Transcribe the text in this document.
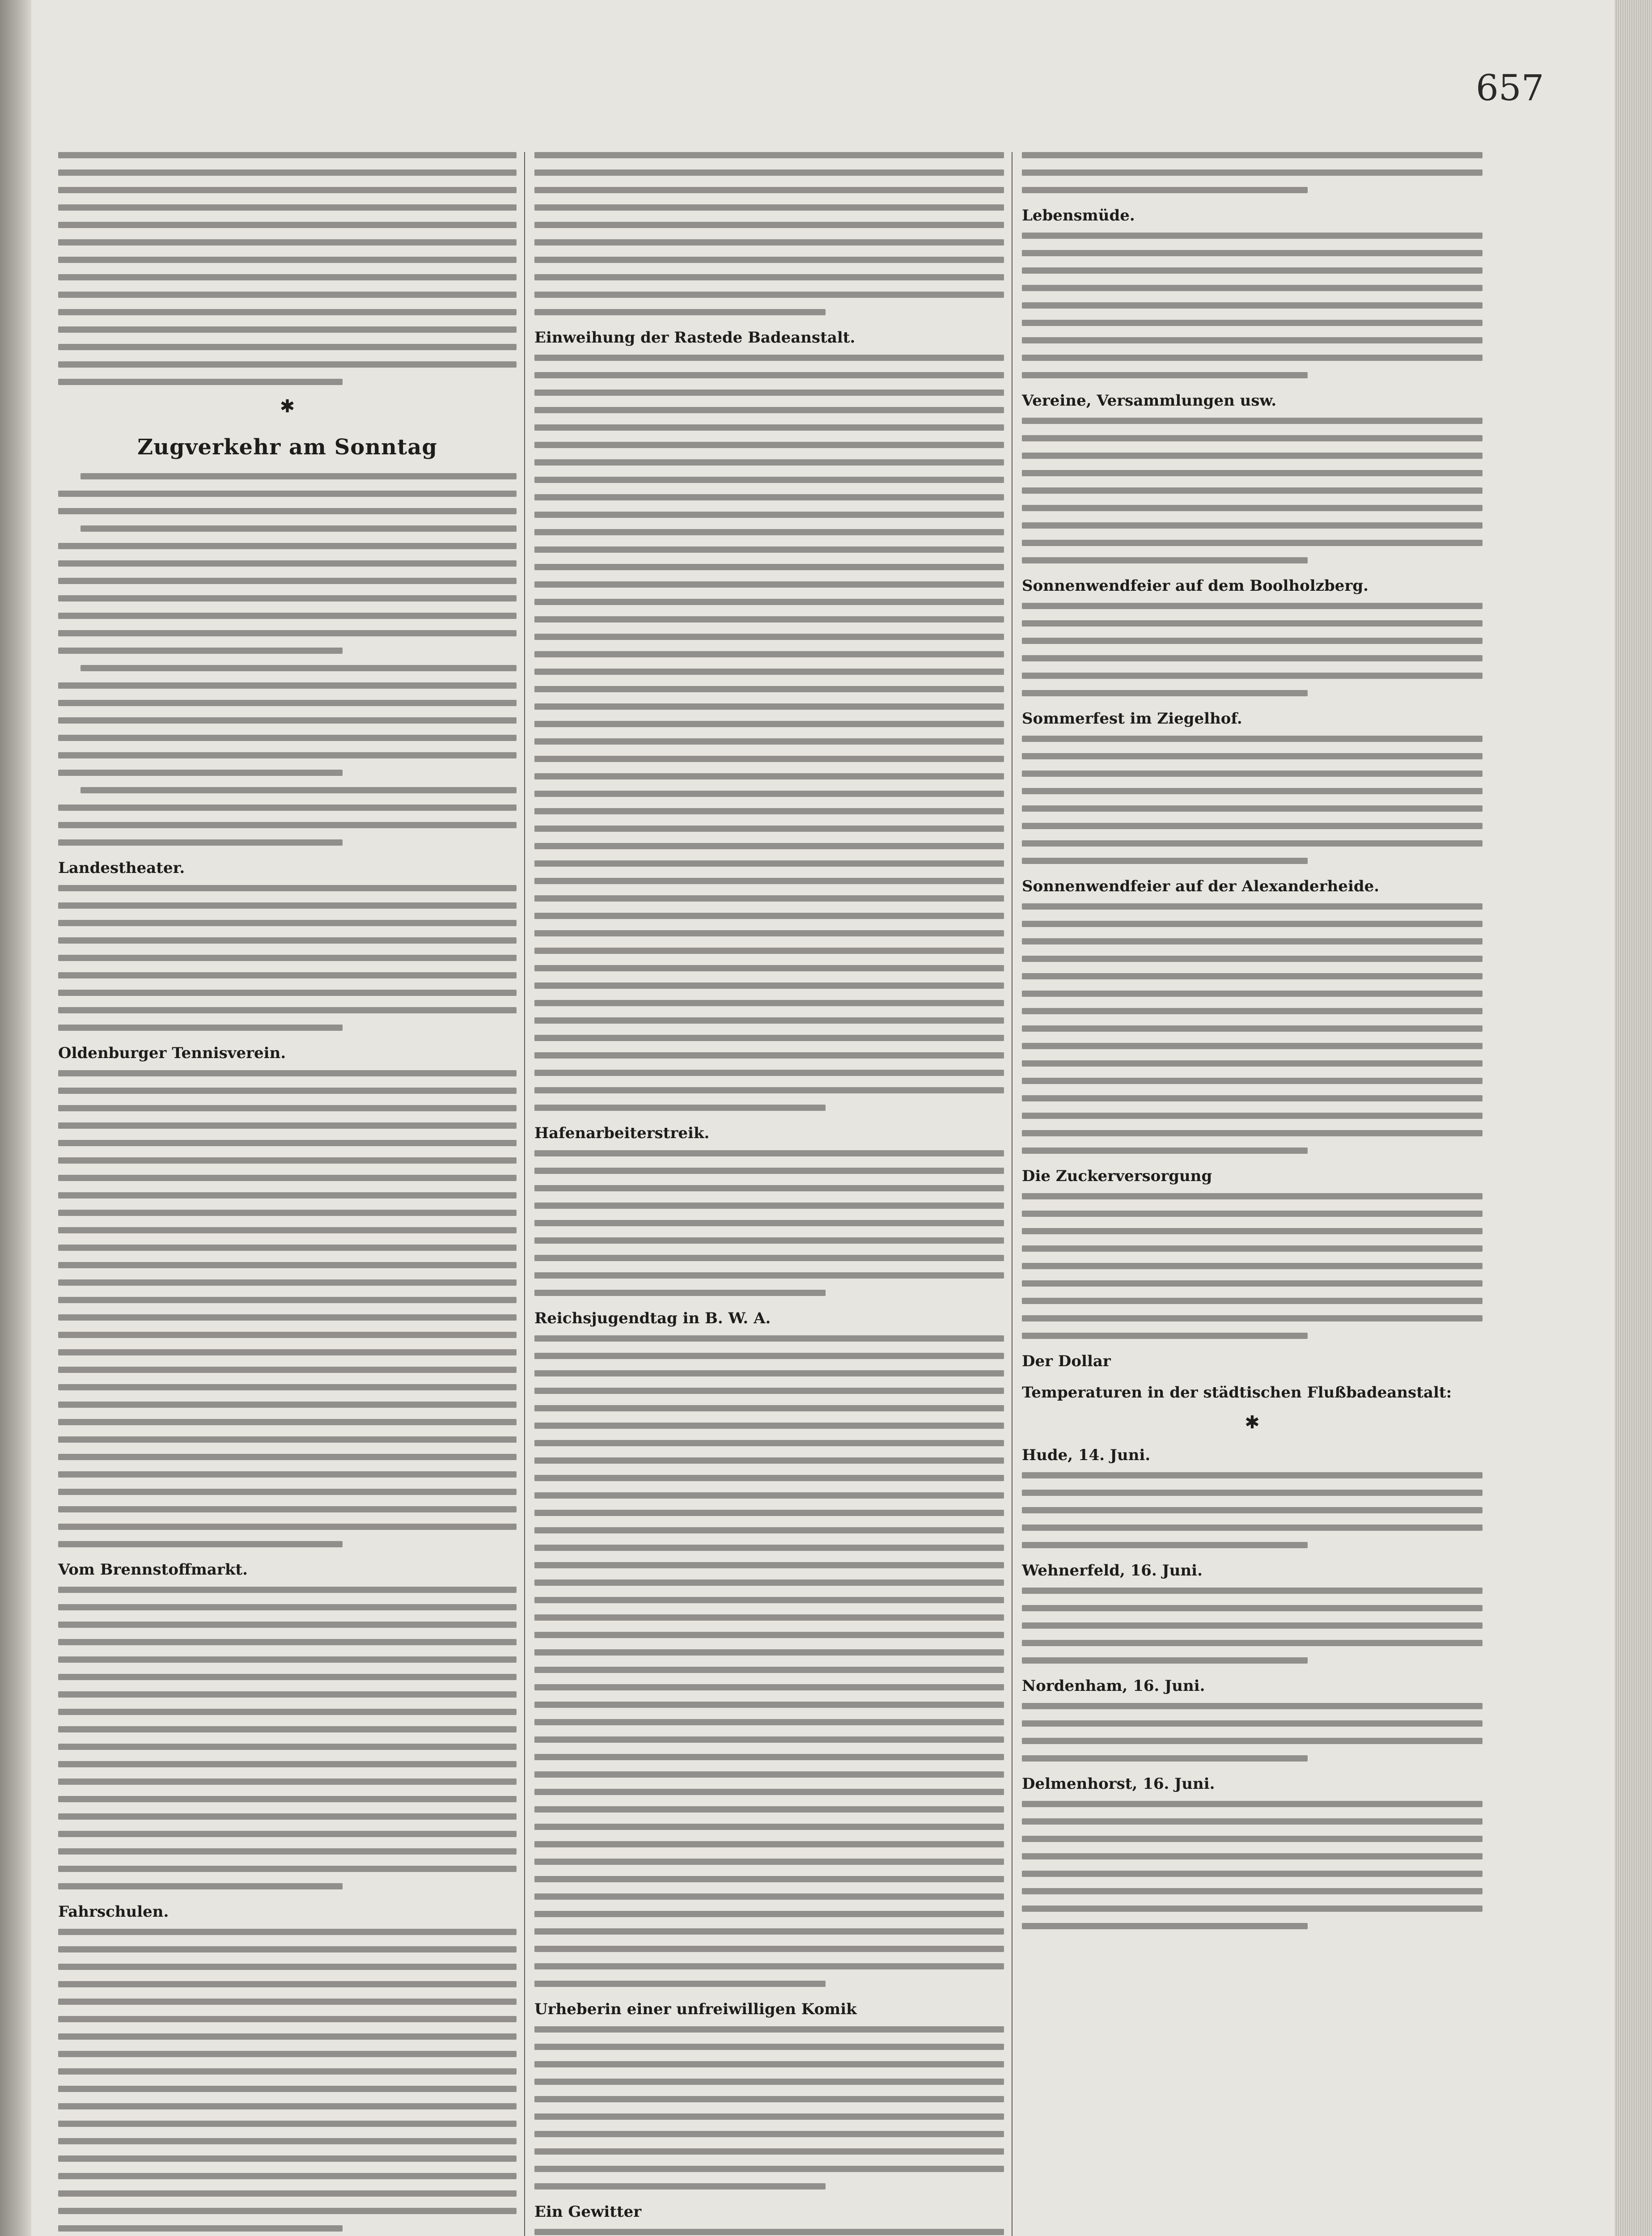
657
✱
Zugverkehr am Sonntag
Landestheater.
Oldenburger Tennisverein.
Vom Brennstoffmarkt.
Fahrschulen.
Einweihung der Rastede Badeanstalt.
Hafenarbeiterstreik.
Reichsjugendtag in B. W. A.
Urheberin einer unfreiwilligen Komik
Ein Gewitter
Lebensmüde.
Vereine, Versammlungen usw.
Sonnenwendfeier auf dem Boolholzberg.
Sommerfest im Ziegelhof.
Sonnenwendfeier auf der Alexanderheide.
Die Zuckerversorgung
Der Dollar
Temperaturen in der städtischen Flußbadeanstalt:
✱
Hude, 14. Juni.
Wehnerfeld, 16. Juni.
Nordenham, 16. Juni.
Delmenhorst, 16. Juni.
